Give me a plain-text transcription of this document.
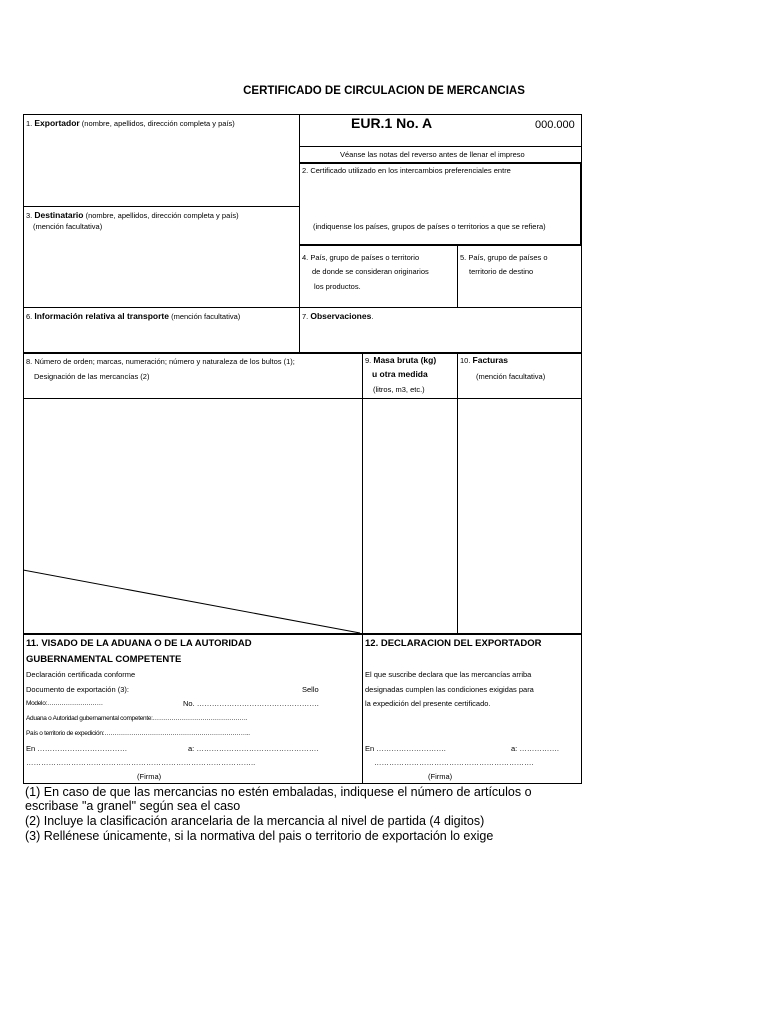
CERTIFICADO DE CIRCULACION DE MERCANCIAS
1. Exportador (nombre, apellidos, dirección completa y país)	EUR.1 No. A	000.000
Véanse las notas del reverso antes de llenar el impreso
2. Certificado utilizado en los intercambios preferenciales entre
(indiquense los países, grupos de países o territorios a que se refiera)
3. Destinatario (nombre, apellidos, dirección completa y país)
(mención facultativa)
4. País, grupo de países o territorio
de donde se consideran originarios
los productos.
5. País, grupo de países o
territorio de destino
6. Información relativa al transporte (mención facultativa)	7. Observaciones.
8. Número de orden; marcas, numeración; número y naturaleza de los bultos (1);
Designación de las mercancías (2)
9. Masa bruta (kg)
u otra medida
(litros, m3, etc.)
10. Facturas
(mención facultativa)
11. VISADO DE LA ADUANA O DE LA AUTORIDAD
GUBERNAMENTAL COMPETENTE
Declaración certificada conforme
Documento de exportación (3):	Sello
Modelo:………………………	No. ………………………………………….
Aduana o Autoridad gubernamental competente:……………………………………….
País o territorio de expedición:……………………………………………………………..
En ………………………………	a: ………………………………………….
………………………………………………………………………………..
(Firma)
12. DECLARACION DEL EXPORTADOR
El que suscribe declara que las mercancías arriba
designadas cumplen las condiciones exigidas para
la expedición del presente certificado.
En ……………………….	a: …………….
……………………………………………………….
(Firma)
(1) En caso de que las mercancias no estén embaladas, indiquese el número de artículos o
escribase "a granel" según sea el caso
(2) Incluye la clasificación arancelaria de la mercancia al nivel de partida (4 digitos)
(3) Rellénese únicamente, si la normativa del pais o territorio de exportación lo exige
